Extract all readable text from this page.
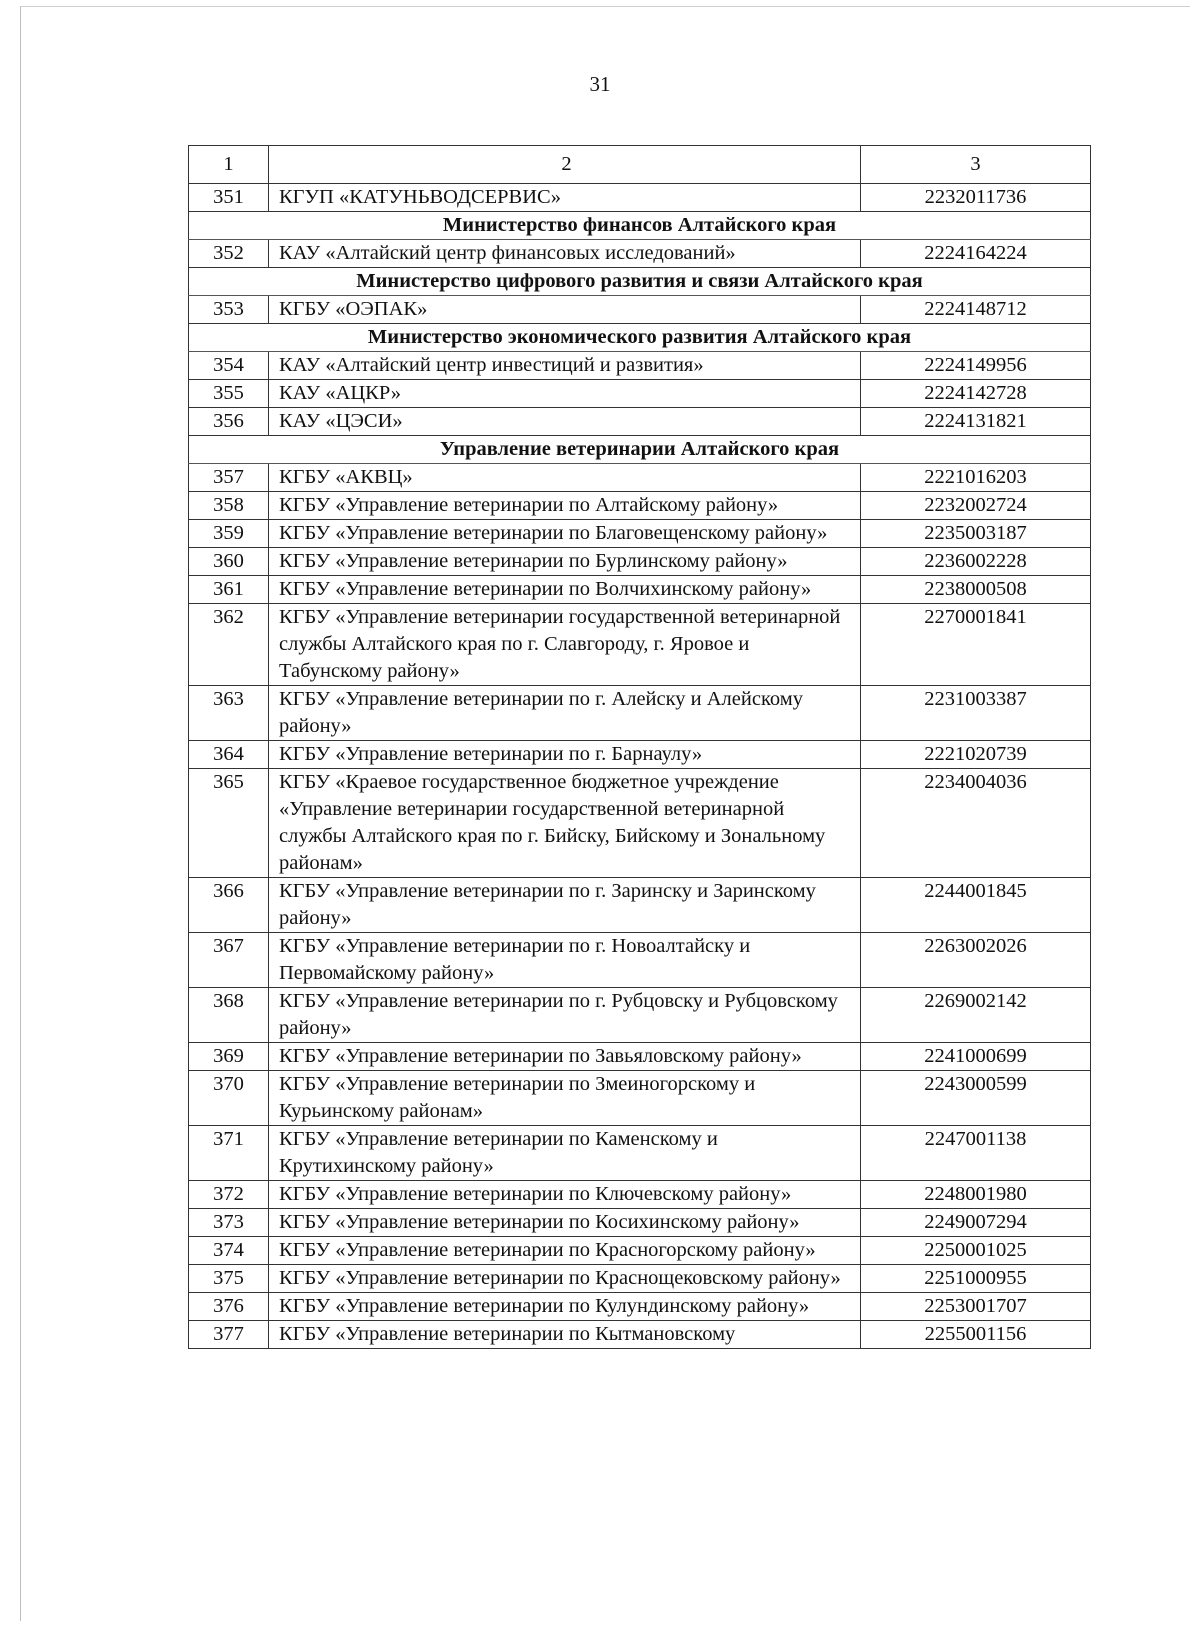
31
1	2	3
351	КГУП «КАТУНЬВОДСЕРВИС»	2232011736
Министерство финансов Алтайского края		
352	КАУ «Алтайский центр финансовых исследований»	2224164224
Министерство цифрового развития и связи Алтайского края		
353	КГБУ «ОЭПАК»	2224148712
Министерство экономического развития Алтайского края		
354	КАУ «Алтайский центр инвестиций и развития»	2224149956
355	КАУ «АЦКР»	2224142728
356	КАУ «ЦЭСИ»	2224131821
Управление ветеринарии Алтайского края		
357	КГБУ «АКВЦ»	2221016203
358	КГБУ «Управление ветеринарии по Алтайскому району»	2232002724
359	КГБУ «Управление ветеринарии по Благовещенскому району»	2235003187
360	КГБУ «Управление ветеринарии по Бурлинскому району»	2236002228
361	КГБУ «Управление ветеринарии по Волчихинскому району»	2238000508
362	КГБУ «Управление ветеринарии государственной ветеринарной службы Алтайского края по г. Славгороду, г. Яровое и Табунскому району»	2270001841
363	КГБУ «Управление ветеринарии по г. Алейску и Алейскому району»	2231003387
364	КГБУ «Управление ветеринарии по г. Барнаулу»	2221020739
365	КГБУ «Краевое государственное бюджетное учреждение «Управление ветеринарии государственной ветеринарной службы Алтайского края по г. Бийску, Бийскому и Зональному районам»	2234004036
366	КГБУ «Управление ветеринарии по г. Заринску и Заринскому району»	2244001845
367	КГБУ «Управление ветеринарии по г. Новоалтайску и Первомайскому району»	2263002026
368	КГБУ «Управление ветеринарии по г. Рубцовску и Рубцовскому району»	2269002142
369	КГБУ «Управление ветеринарии по Завьяловскому району»	2241000699
370	КГБУ «Управление ветеринарии по Змеиногорскому и Курьинскому районам»	2243000599
371	КГБУ «Управление ветеринарии по Каменскому и Крутихинскому району»	2247001138
372	КГБУ «Управление ветеринарии по Ключевскому району»	2248001980
373	КГБУ «Управление ветеринарии по Косихинскому району»	2249007294
374	КГБУ «Управление ветеринарии по Красногорскому району»	2250001025
375	КГБУ «Управление ветеринарии по Краснощековскому району»	2251000955
376	КГБУ «Управление ветеринарии по Кулундинскому району»	2253001707
377	КГБУ «Управление ветеринарии по Кытмановскому	2255001156
